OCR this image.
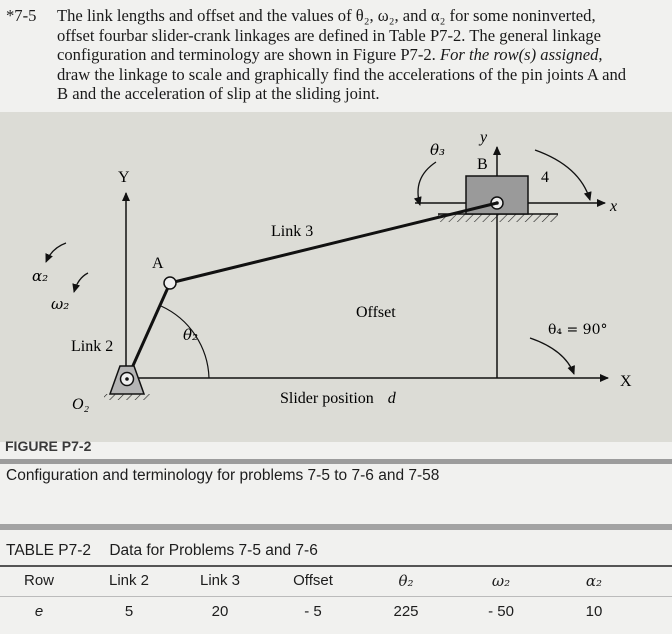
*7-5 The link lengths and offset and the values of θ₂, ω₂, and α₂ for some noninverted,
offset fourbar slider-crank linkages are defined in Table P7-2. The general linkage
configuration and terminology are shown in Figure P7-2. For the row(s) assigned,
draw the linkage to scale and graphically find the accelerations of the pin joints A and
B and the acceleration of slip at the sliding joint.
y
Y
x
X
θ₃
B
4
Link 3
A
α₂
ω₂	Offset
θ₄ = 90°
θ₂
Link 2
O₂	Slider position d
FIGURE P7-2
Configuration and terminology for problems 7-5 to 7-6 and 7-58
TABLE P7-2 Data for Problems 7-5 and 7-6
Row	Link 2	Link 3	Offset	θ₂	ω₂	α₂
e	5	20	- 5	225	- 50	10
